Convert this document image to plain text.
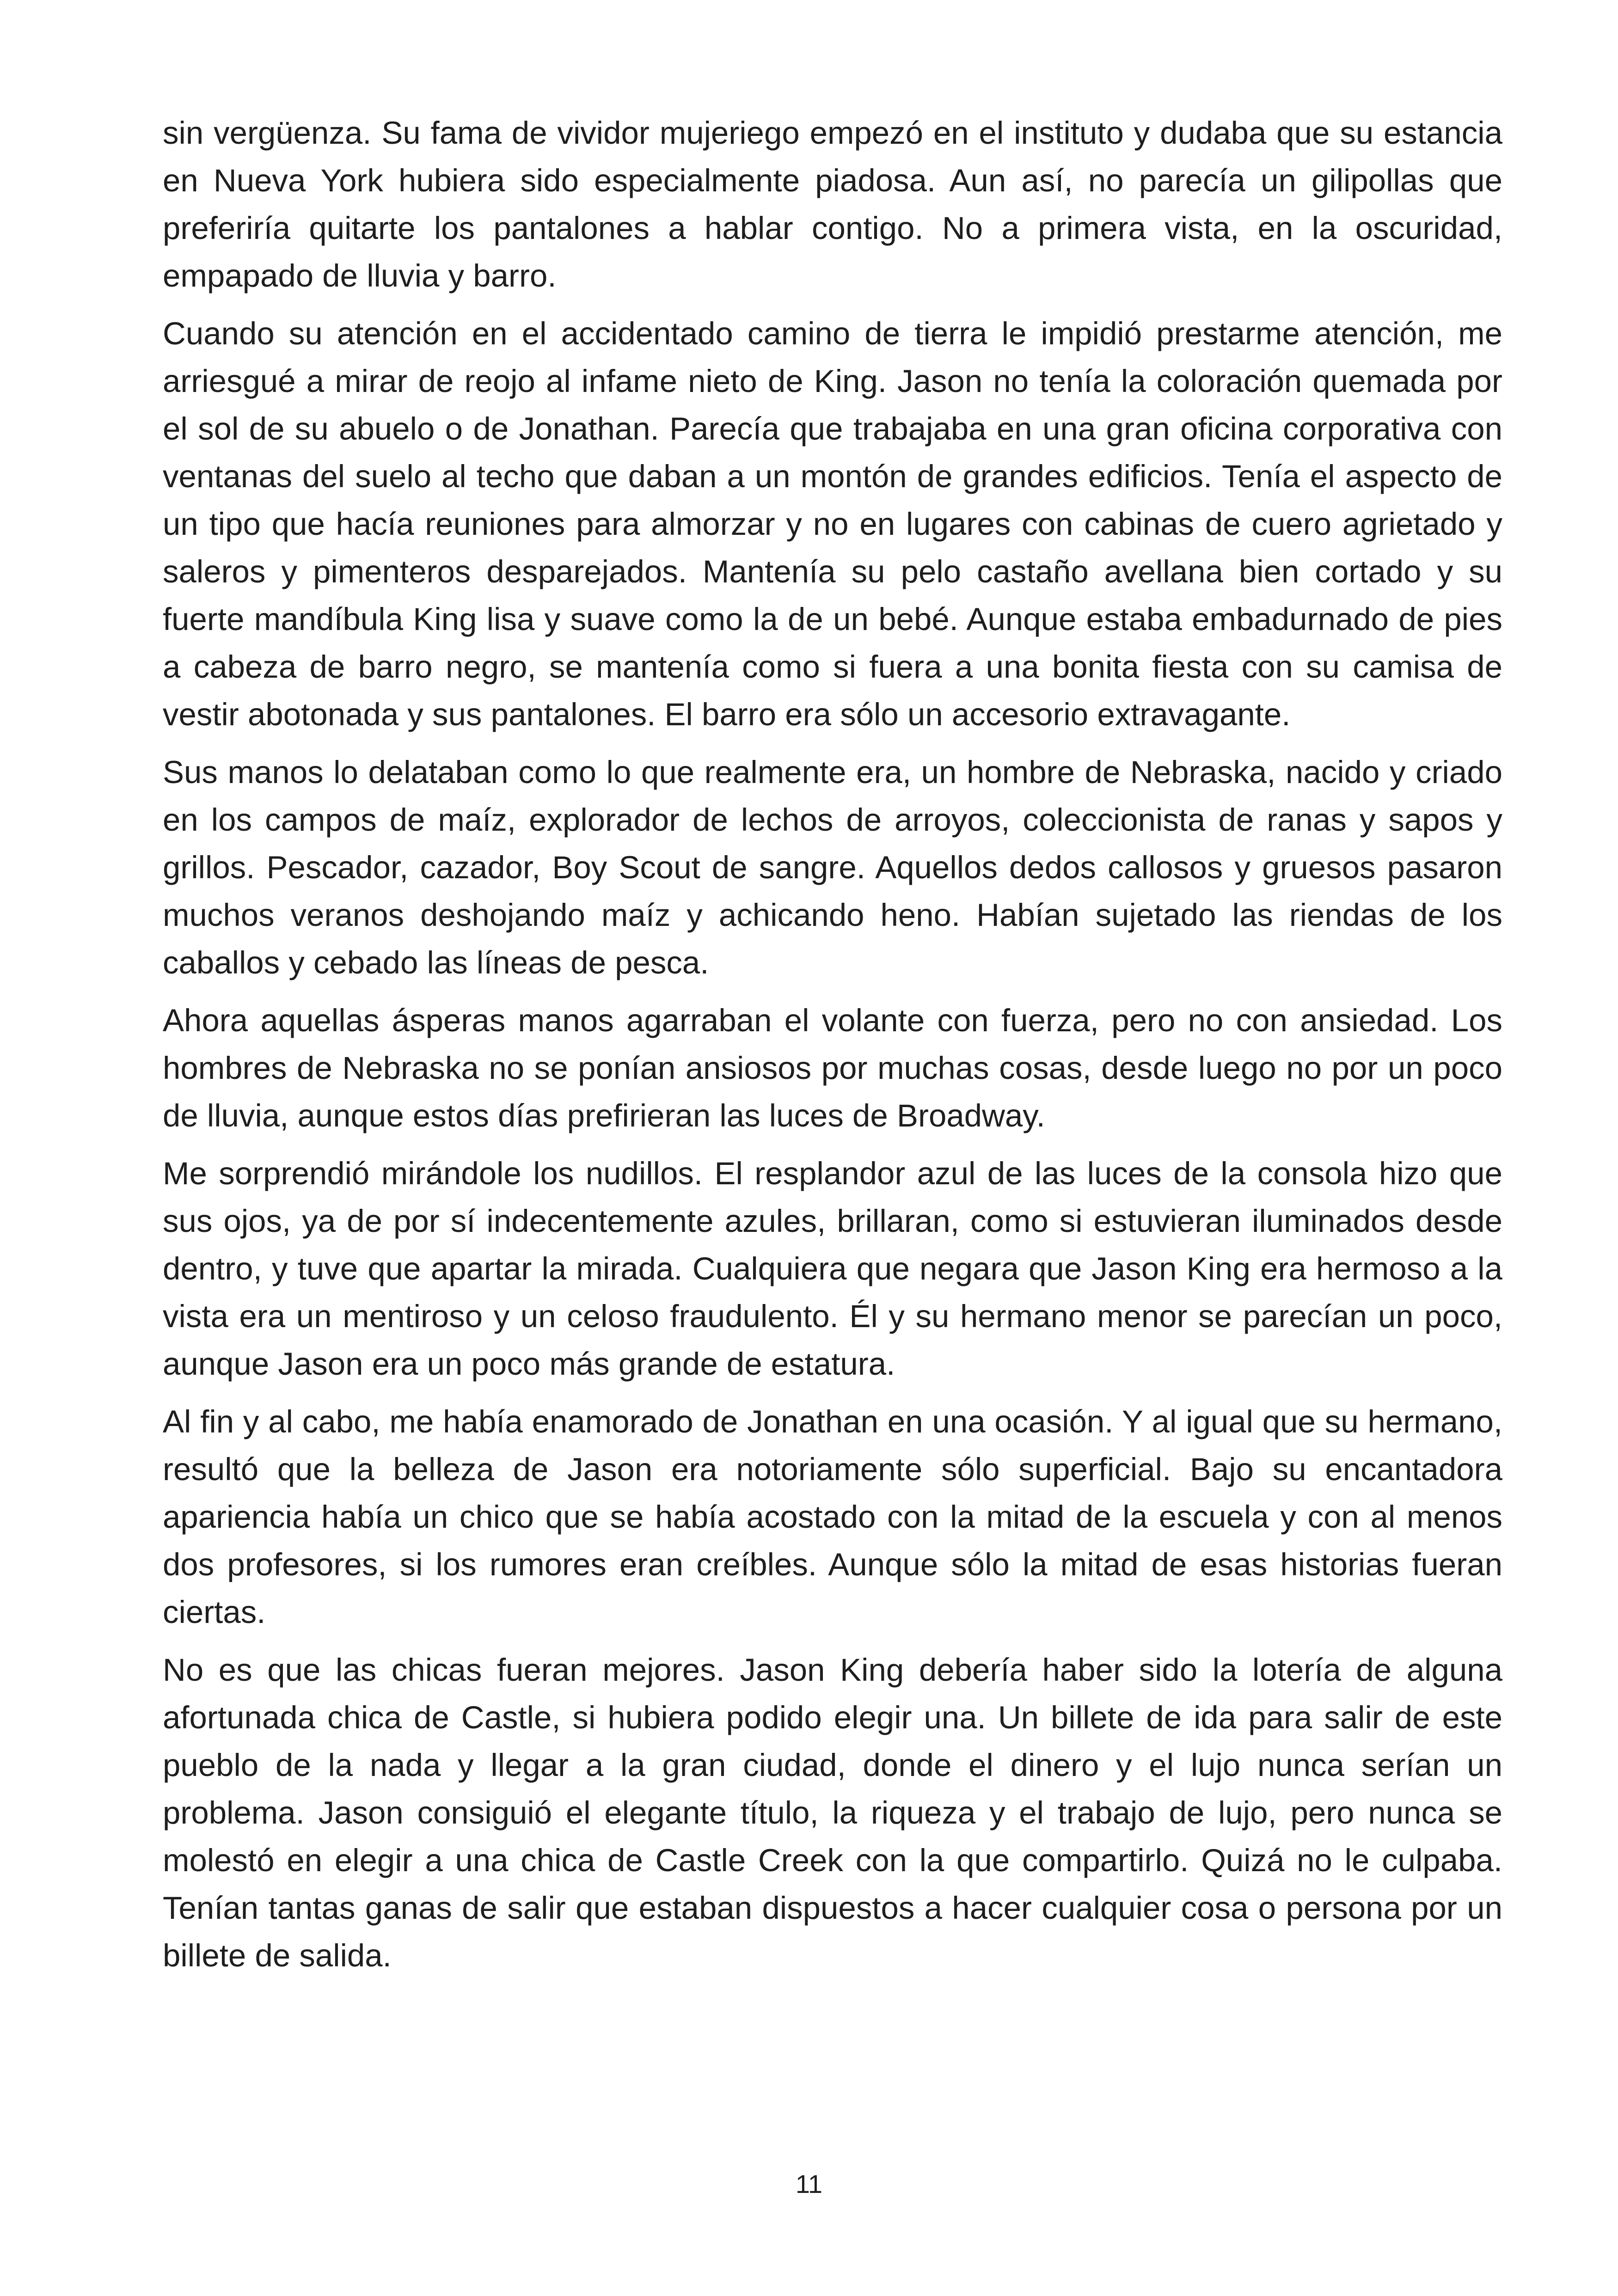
sin vergüenza. Su fama de vividor mujeriego empezó en el instituto y dudaba que su estancia en Nueva York hubiera sido especialmente piadosa. Aun así, no parecía un gilipollas que preferiría quitarte los pantalones a hablar contigo. No a primera vista, en la oscuridad, empapado de lluvia y barro.

Cuando su atención en el accidentado camino de tierra le impidió prestarme atención, me arriesgué a mirar de reojo al infame nieto de King. Jason no tenía la coloración quemada por el sol de su abuelo o de Jonathan. Parecía que trabajaba en una gran oficina corporativa con ventanas del suelo al techo que daban a un montón de grandes edificios. Tenía el aspecto de un tipo que hacía reuniones para almorzar y no en lugares con cabinas de cuero agrietado y saleros y pimenteros desparejados. Mantenía su pelo castaño avellana bien cortado y su fuerte mandíbula King lisa y suave como la de un bebé. Aunque estaba embadurnado de pies a cabeza de barro negro, se mantenía como si fuera a una bonita fiesta con su camisa de vestir abotonada y sus pantalones. El barro era sólo un accesorio extravagante.

Sus manos lo delataban como lo que realmente era, un hombre de Nebraska, nacido y criado en los campos de maíz, explorador de lechos de arroyos, coleccionista de ranas y sapos y grillos. Pescador, cazador, Boy Scout de sangre. Aquellos dedos callosos y gruesos pasaron muchos veranos deshojando maíz y achicando heno. Habían sujetado las riendas de los caballos y cebado las líneas de pesca.

Ahora aquellas ásperas manos agarraban el volante con fuerza, pero no con ansiedad. Los hombres de Nebraska no se ponían ansiosos por muchas cosas, desde luego no por un poco de lluvia, aunque estos días prefirieran las luces de Broadway.

Me sorprendió mirándole los nudillos. El resplandor azul de las luces de la consola hizo que sus ojos, ya de por sí indecentemente azules, brillaran, como si estuvieran iluminados desde dentro, y tuve que apartar la mirada. Cualquiera que negara que Jason King era hermoso a la vista era un mentiroso y un celoso fraudulento. Él y su hermano menor se parecían un poco, aunque Jason era un poco más grande de estatura.

Al fin y al cabo, me había enamorado de Jonathan en una ocasión. Y al igual que su hermano, resultó que la belleza de Jason era notoriamente sólo superficial. Bajo su encantadora apariencia había un chico que se había acostado con la mitad de la escuela y con al menos dos profesores, si los rumores eran creíbles. Aunque sólo la mitad de esas historias fueran ciertas.

No es que las chicas fueran mejores. Jason King debería haber sido la lotería de alguna afortunada chica de Castle, si hubiera podido elegir una. Un billete de ida para salir de este pueblo de la nada y llegar a la gran ciudad, donde el dinero y el lujo nunca serían un problema. Jason consiguió el elegante título, la riqueza y el trabajo de lujo, pero nunca se molestó en elegir a una chica de Castle Creek con la que compartirlo. Quizá no le culpaba. Tenían tantas ganas de salir que estaban dispuestos a hacer cualquier cosa o persona por un billete de salida.

11
